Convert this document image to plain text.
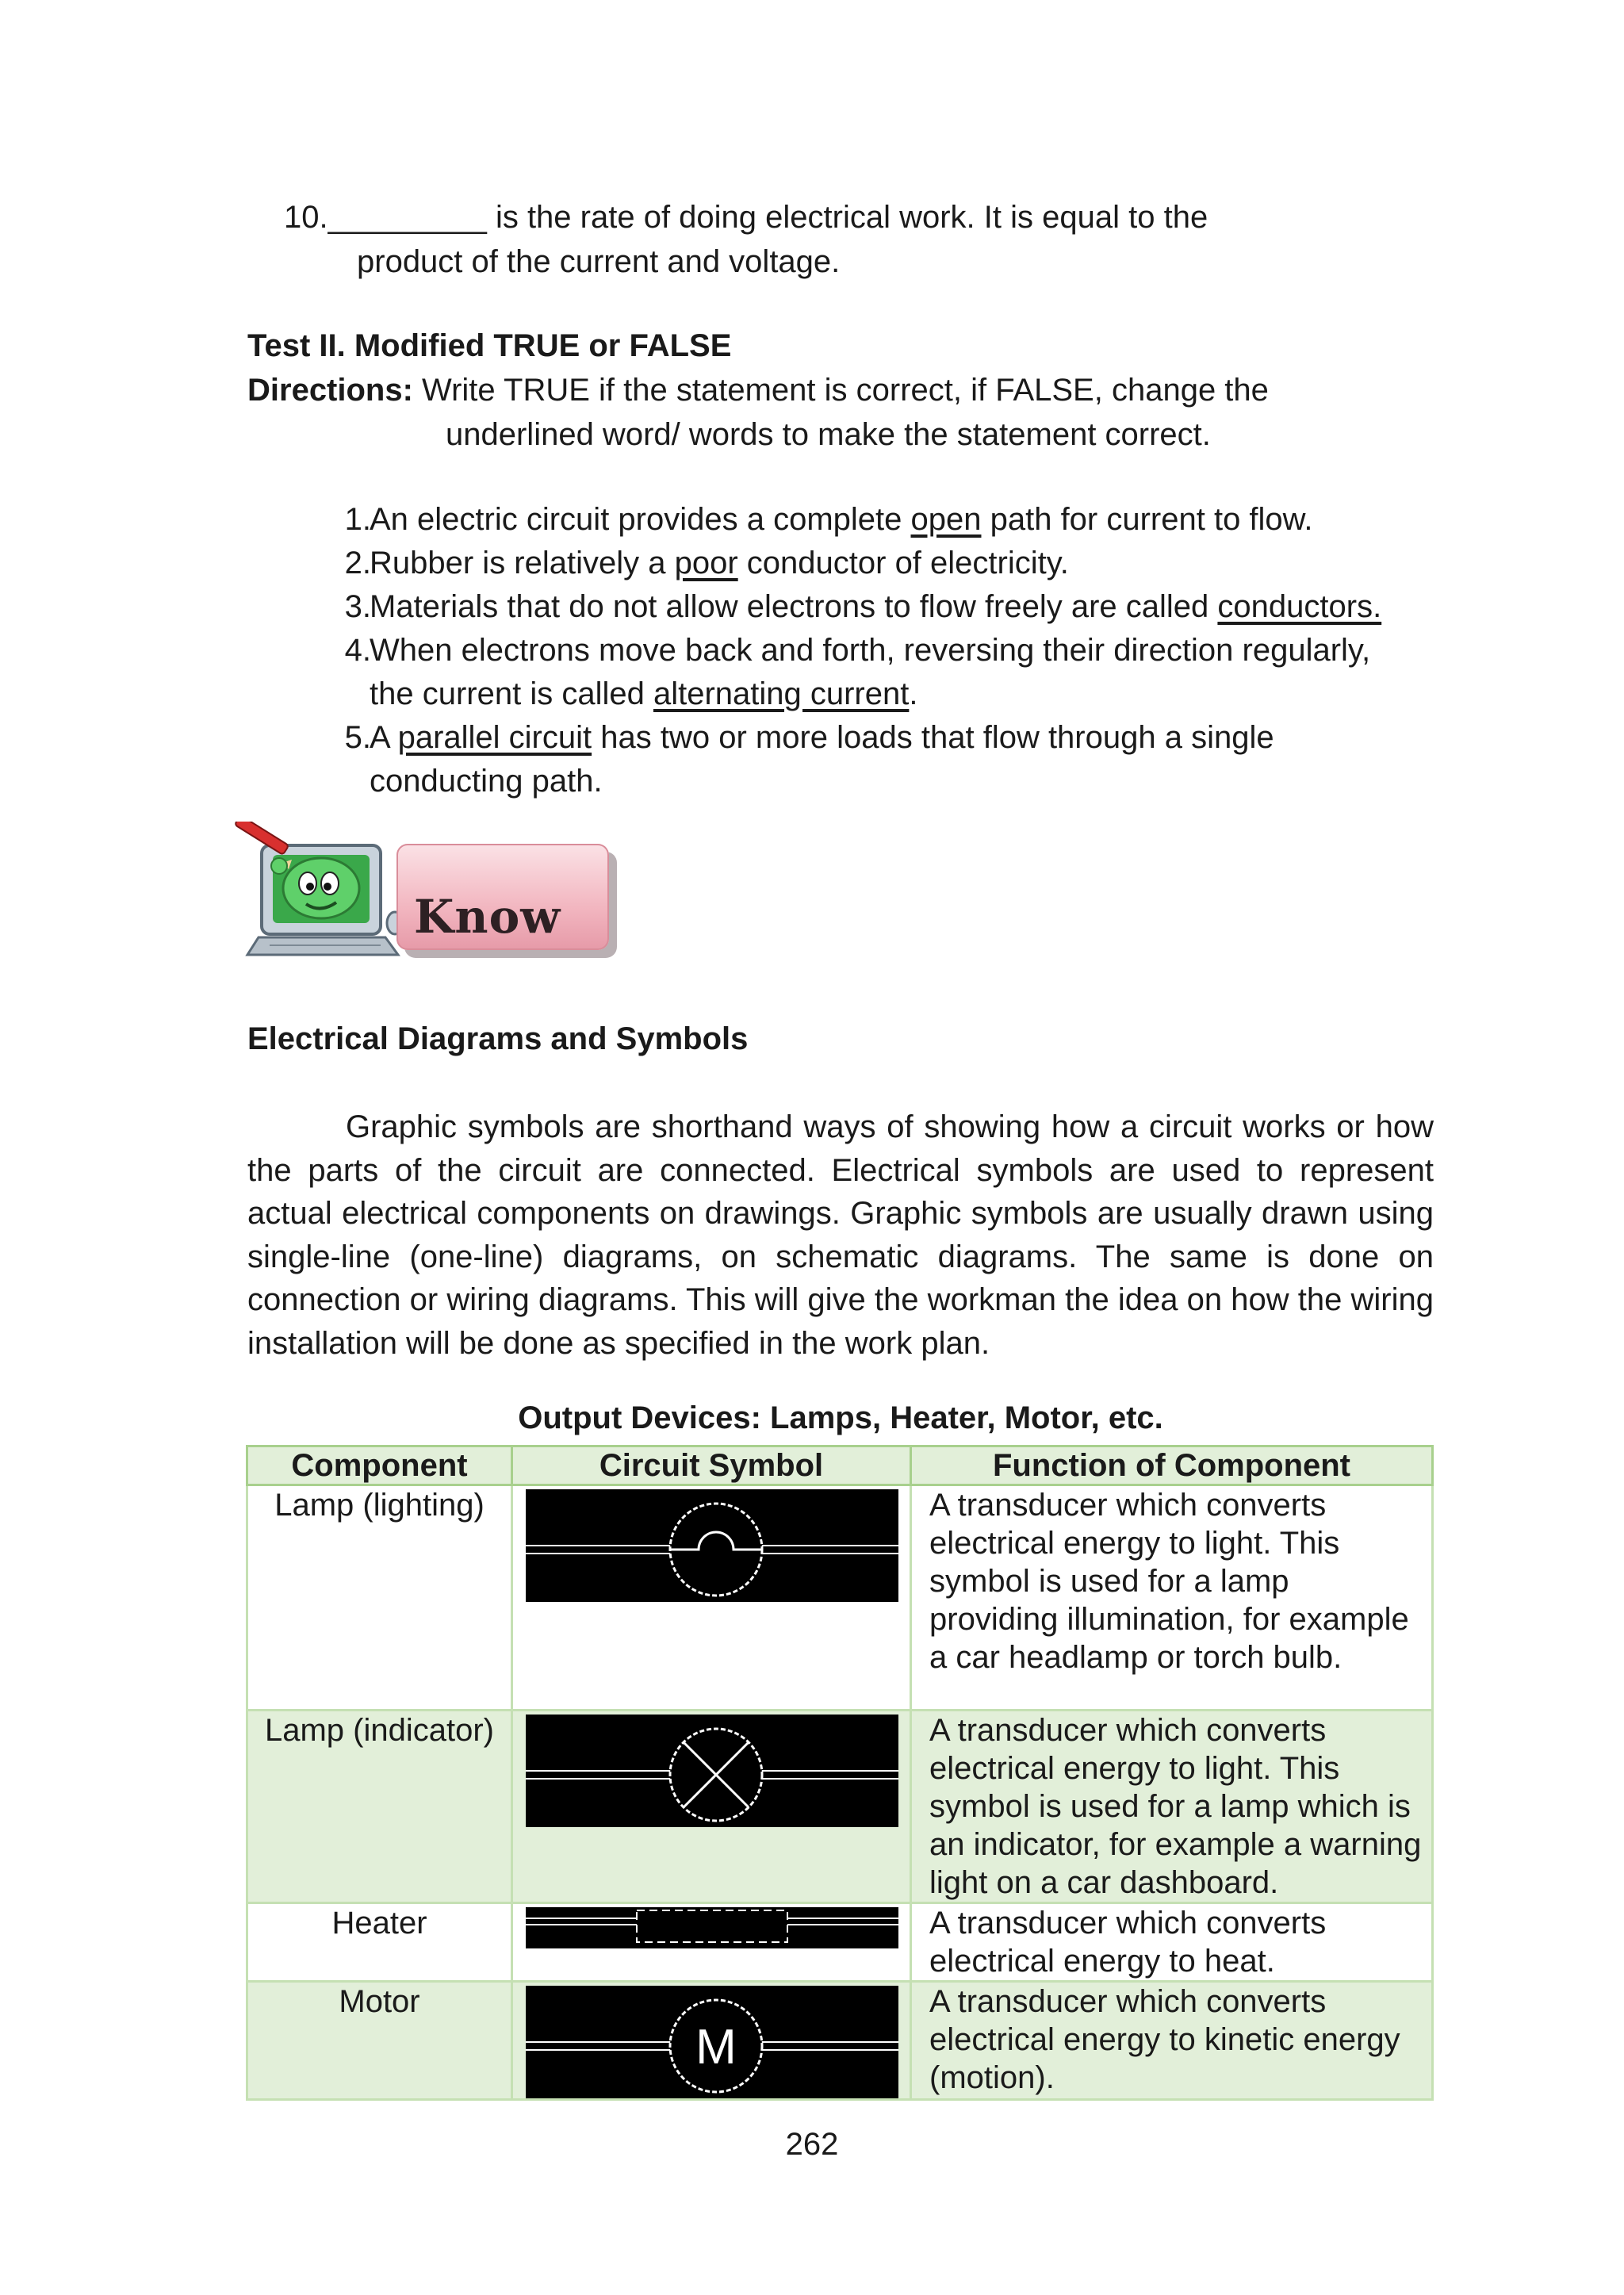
10._________ is the rate of doing electrical work. It is equal to the
product of the current and voltage.
Test II. Modified TRUE or FALSE
Directions: Write TRUE if the statement is correct, if FALSE, change the
underlined word/ words to make the statement correct.
1.
An electric circuit provides a complete open path for current to flow.
2.
Rubber is relatively a poor conductor of electricity.
3.
Materials that do not allow electrons to flow freely are called conductors.
4.
When electrons move back and forth, reversing their direction regularly,
the current is called alternating current.
5.
A parallel circuit has two or more loads that flow through a single
conducting path.
Know
Electrical Diagrams and Symbols
Graphic symbols are shorthand ways of showing how a circuit works or how the parts of the circuit are connected. Electrical symbols are used to represent actual electrical components on drawings. Graphic symbols are usually drawn using single-line (one-line) diagrams, on schematic diagrams. The same is done on connection or wiring diagrams. This will give the workman the idea on how the wiring installation will be done as specified in the work plan.
Output Devices: Lamps, Heater, Motor, etc.
Component	Circuit Symbol	Function of Component
Lamp (lighting)		A transducer which converts electrical energy to light. This symbol is used for a lamp providing illumination, for example a car headlamp or torch bulb.
Lamp (indicator)		A transducer which converts electrical energy to light. This symbol is used for a lamp which is an indicator, for example a warning light on a car dashboard.
Heater		A transducer which converts electrical energy to heat.
Motor	M	A transducer which converts electrical energy to kinetic energy (motion).
262
